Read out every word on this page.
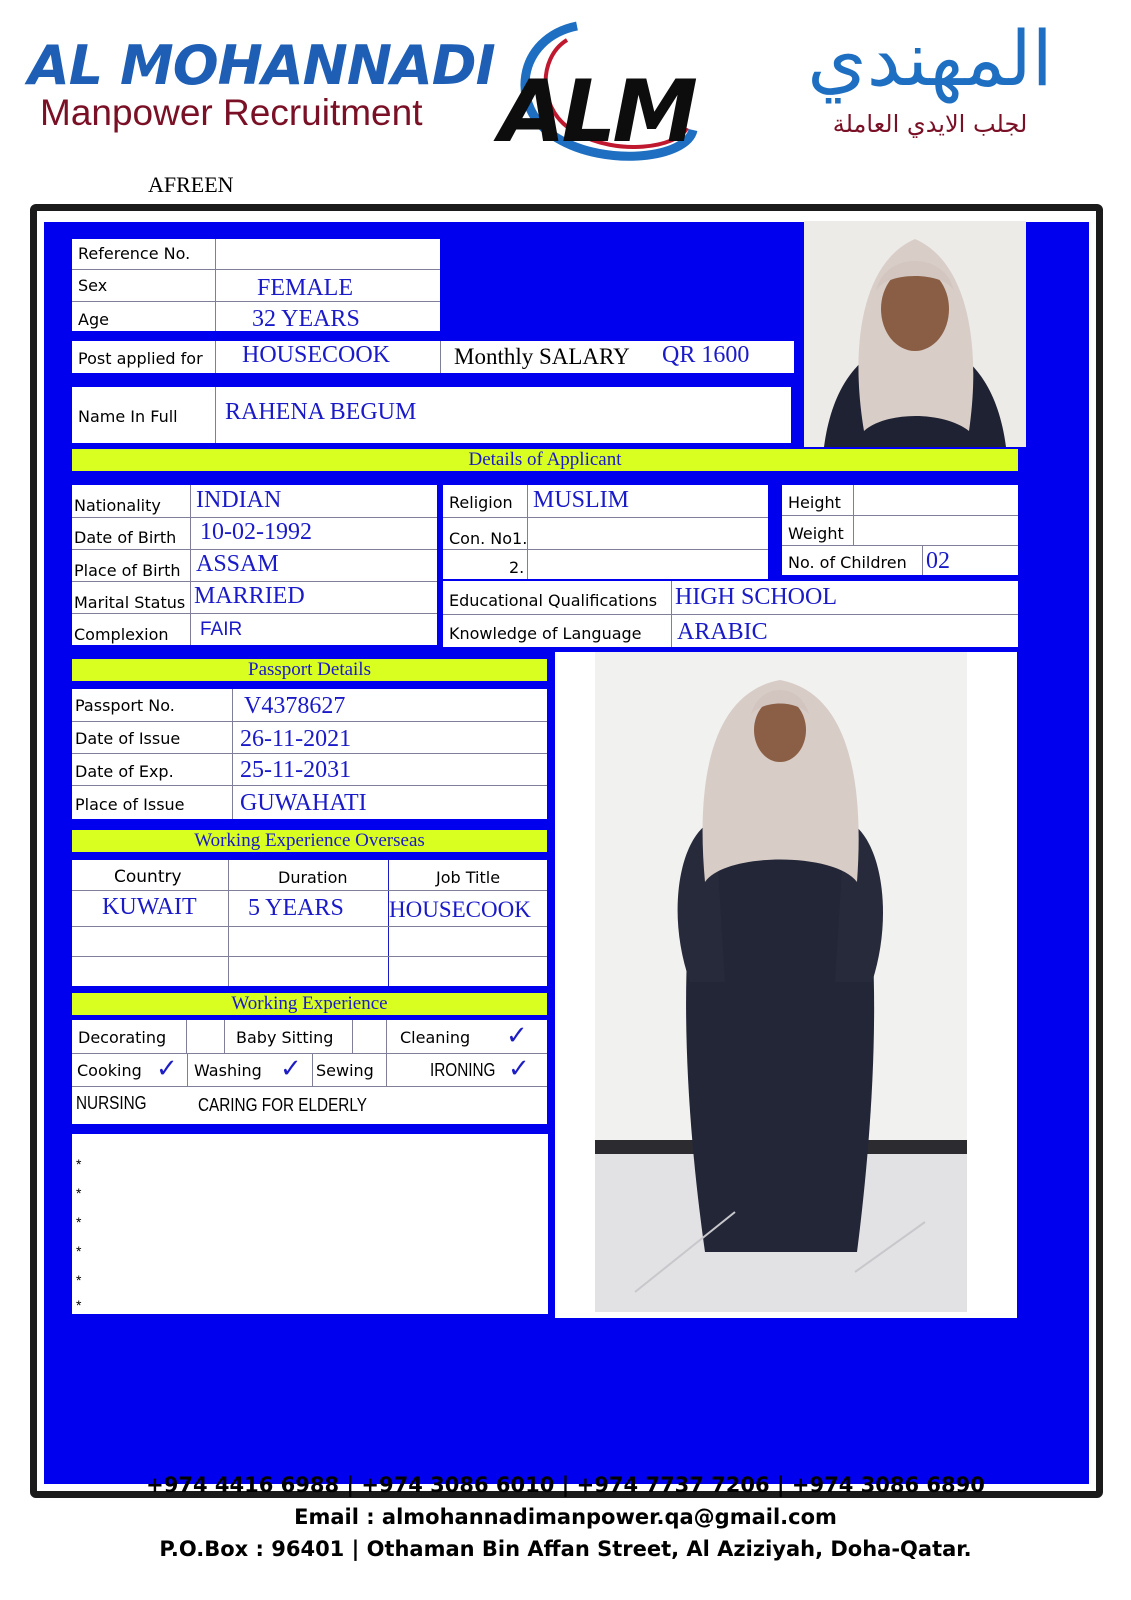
AL MOHANNADI
Manpower Recruitment ALM
المهندي
لجلب الايدي العاملة
AFREEN
Reference No.
Sex	FEMALE
Age	32 YEARS
Post applied for HOUSECOOK	Monthly SALARY QR 1600
Name In Full RAHENA BEGUM
Details of Applicant
Nationality INDIAN
Date of Birth 10-02-1992
Place of Birth ASSAM
Marital Status MARRIED
Complexion FAIR
Religion MUSLIM
Con. No1.
2.
Height
Weight
No. of Children 02
Educational Qualifications HIGH SCHOOL
Knowledge of Language ARABIC
Passport Details
Passport No.	V4378627
Date of Issue 26-11-2021
Date of Exp.	25-11-2031
Place of Issue GUWAHATI
Working Experience Overseas
Country	Duration	Job Title
KUWAIT 5 YEARS HOUSECOOK
Working Experience
Decorating	Baby Sitting	Cleaning ✓
Cooking ✓ Washing ✓ Sewing	IRONING ✓
NURSING	CARING FOR ELDERLY
*
*
*
*
*
*
+974 4416 6988 | +974 3086 6010 | +974 7737 7206 | +974 3086 6890
Email : almohannadimanpower.qa@gmail.com
P.O.Box : 96401 | Othaman Bin Affan Street, Al Aziziyah, Doha-Qatar.
